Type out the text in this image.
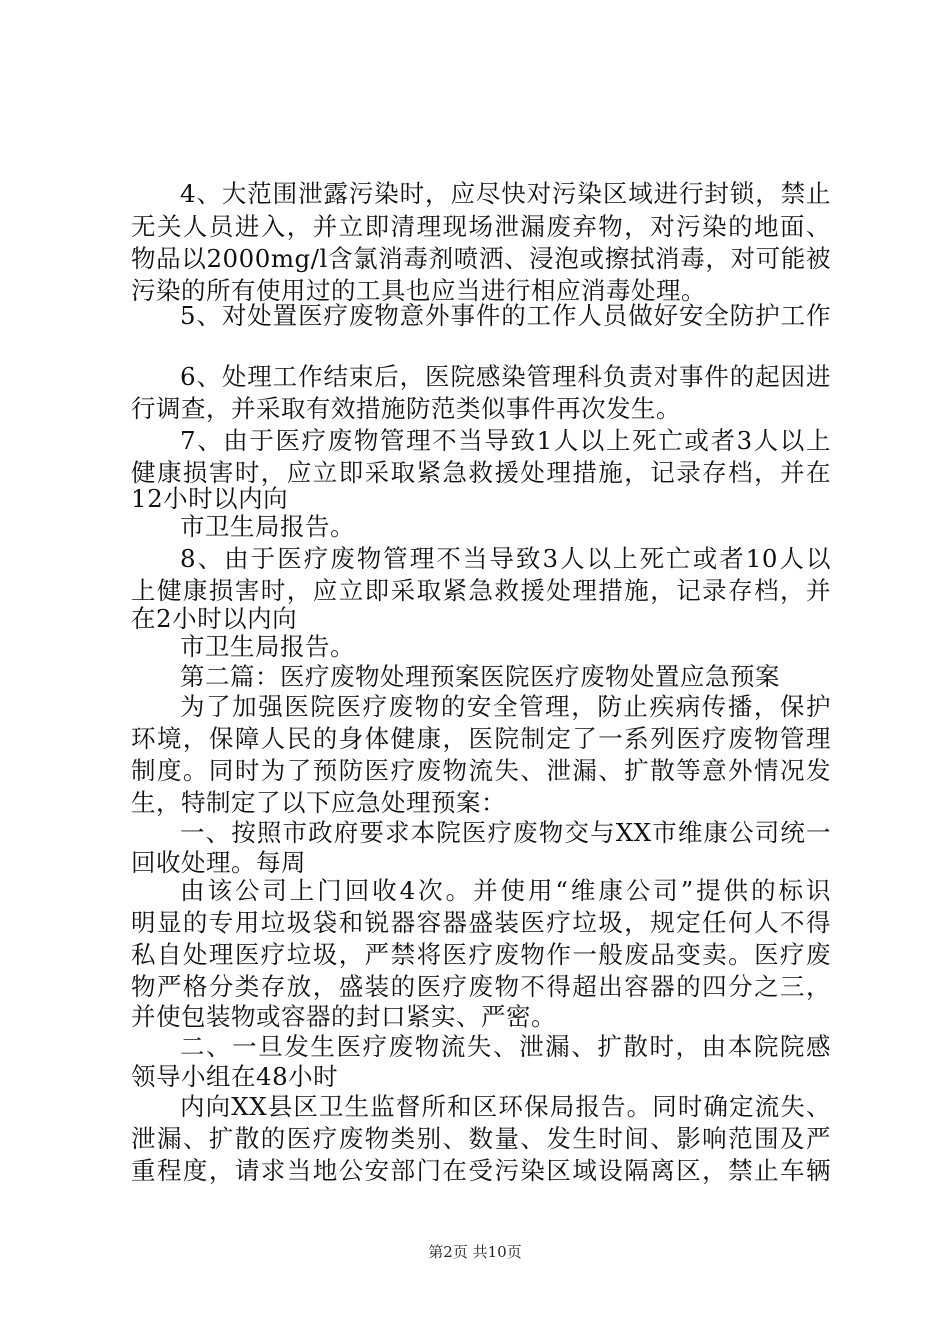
4、大范围泄露污染时，应尽快对污染区域进行封锁，禁止
无关人员进入，并立即清理现场泄漏废弃物，对污染的地面、
物品以2000mg/l含氯消毒剂喷洒、浸泡或擦拭消毒，对可能被
污染的所有使用过的工具也应当进行相应消毒处理。
5、对处置医疗废物意外事件的工作人员做好安全防护工作
6、处理工作结束后，医院感染管理科负责对事件的起因进
行调查，并采取有效措施防范类似事件再次发生。
7、由于医疗废物管理不当导致1人以上死亡或者3人以上
健康损害时，应立即采取紧急救援处理措施，记录存档，并在
12小时以内向
市卫生局报告。
8、由于医疗废物管理不当导致3人以上死亡或者10人以
上健康损害时，应立即采取紧急救援处理措施，记录存档，并
在2小时以内向
市卫生局报告。
第二篇：医疗废物处理预案医院医疗废物处置应急预案
为了加强医院医疗废物的安全管理，防止疾病传播，保护
环境，保障人民的身体健康，医院制定了一系列医疗废物管理
制度。同时为了预防医疗废物流失、泄漏、扩散等意外情况发
生，特制定了以下应急处理预案：
一、按照市政府要求本院医疗废物交与XX市维康公司统一
回收处理。每周
由该公司上门回收4次。并使用“维康公司”提供的标识
明显的专用垃圾袋和锐器容器盛装医疗垃圾，规定任何人不得
私自处理医疗垃圾，严禁将医疗废物作一般废品变卖。医疗废
物严格分类存放，盛装的医疗废物不得超出容器的四分之三，
并使包装物或容器的封口紧实、严密。
二、一旦发生医疗废物流失、泄漏、扩散时，由本院院感
领导小组在48小时
内向XX县区卫生监督所和区环保局报告。同时确定流失、
泄漏、扩散的医疗废物类别、数量、发生时间、影响范围及严
重程度，请求当地公安部门在受污染区域设隔离区，禁止车辆
第2页 共10页
